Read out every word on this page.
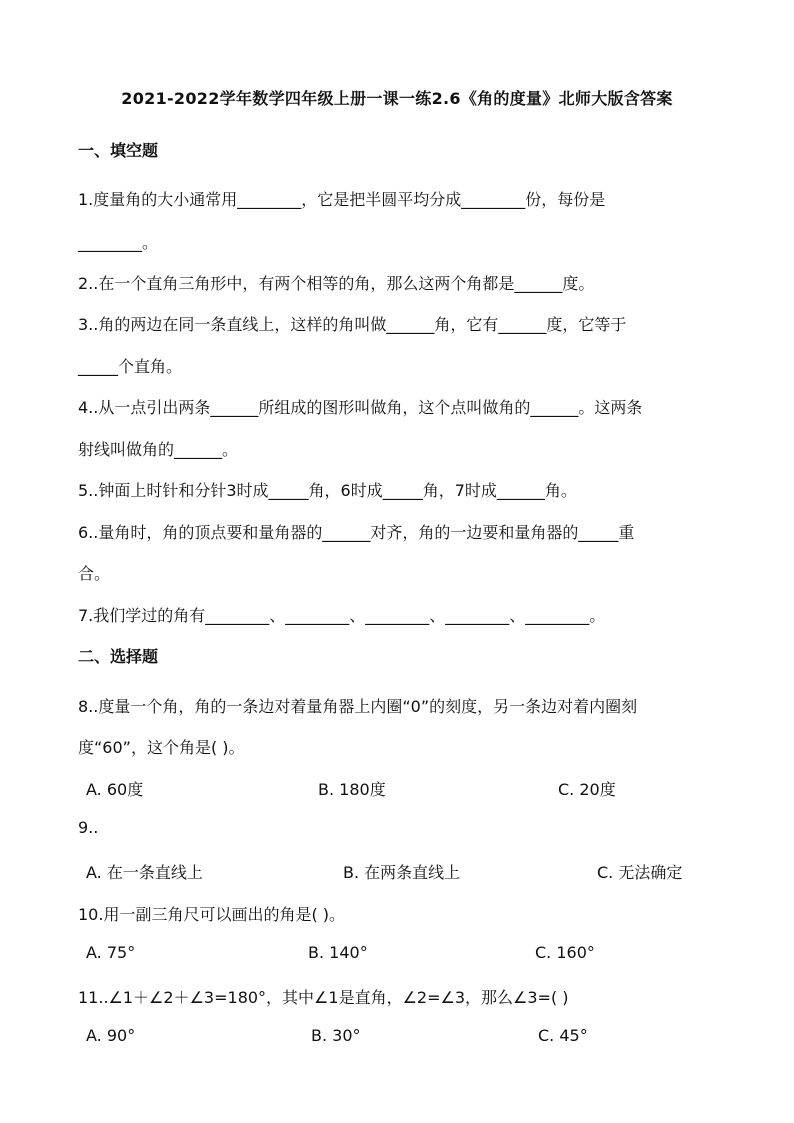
2021-2022学年数学四年级上册一课一练2.6《角的度量》北师大版含答案
一、填空题
1.度量角的大小通常用________，它是把半圆平均分成________份，每份是
________。
2..在一个直角三角形中，有两个相等的角，那么这两个角都是______度。
3..角的两边在同一条直线上，这样的角叫做______角，它有______度，它等于
_____个直角。
4..从一点引出两条______所组成的图形叫做角，这个点叫做角的______。这两条
射线叫做角的______。
5..钟面上时针和分针3时成_____角，6时成_____角，7时成______角。
6..量角时，角的顶点要和量角器的______对齐，角的一边要和量角器的_____重
合。
7.我们学过的角有________、________、________、________、________。
二、选择题
8..度量一个角，角的一条边对着量角器上内圈“0”的刻度，另一条边对着内圈刻
度“60”，这个角是( )。
A. 60度	B. 180度	C. 20度
9..
A. 在一条直线上	B. 在两条直线上	C. 无法确定
10.用一副三角尺可以画出的角是( )。
A. 75°	B. 140°	C. 160°
11..∠1＋∠2＋∠3=180°，其中∠1是直角，∠2=∠3，那么∠3=( )
A. 90°	B. 30°	C. 45°
